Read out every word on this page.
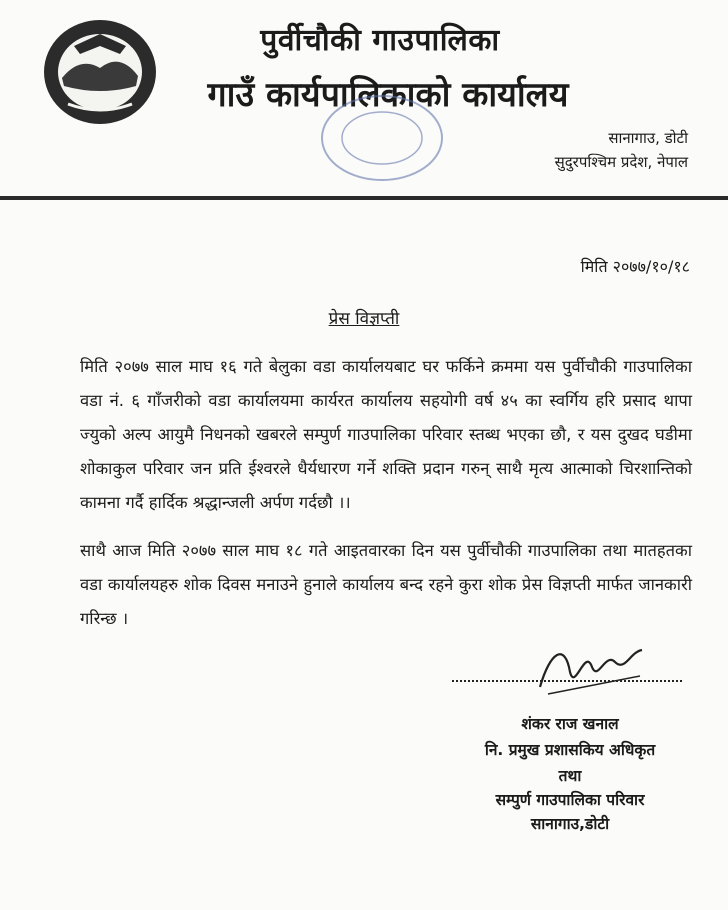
पुर्वीचौकी गाउपालिका
गाउँ कार्यपालिकाको कार्यालय
सानागाउ, डोटी
सुदुरपश्चिम प्रदेश, नेपाल
मिति २०७७/१०/१८
प्रेस विज्ञप्ती

मिति २०७७ साल माघ १६ गते बेलुका वडा कार्यालयबाट घर फर्किने क्रममा यस पुर्वीचौकी गाउपालिका वडा नं. ६ गाँजरीको वडा कार्यालयमा कार्यरत कार्यालय सहयोगी वर्ष ४५ का स्वर्गिय हरि प्रसाद थापा ज्युको अल्प आयुमै निधनको खबरले सम्पुर्ण गाउपालिका परिवार स्तब्ध भएका छौ, र यस दुखद घडीमा शोकाकुल परिवार जन प्रति ईश्वरले धैर्यधारण गर्ने शक्ति प्रदान गरुन् साथै मृत्य आत्माको चिरशान्तिको कामना गर्दै हार्दिक श्रद्धान्जली अर्पण गर्दछौ ।।

साथै आज मिति २०७७ साल माघ १८ गते आइतवारका दिन यस पुर्वीचौकी गाउपालिका तथा मातहतका वडा कार्यालयहरु शोक दिवस मनाउने हुनाले कार्यालय बन्द रहने कुरा शोक प्रेस विज्ञप्ती मार्फत जानकारी गरिन्छ ।

शंकर राज खनाल
नि. प्रमुख प्रशासकिय अधिकृत
तथा
सम्पुर्ण गाउपालिका परिवार
सानागाउ,डोटी
